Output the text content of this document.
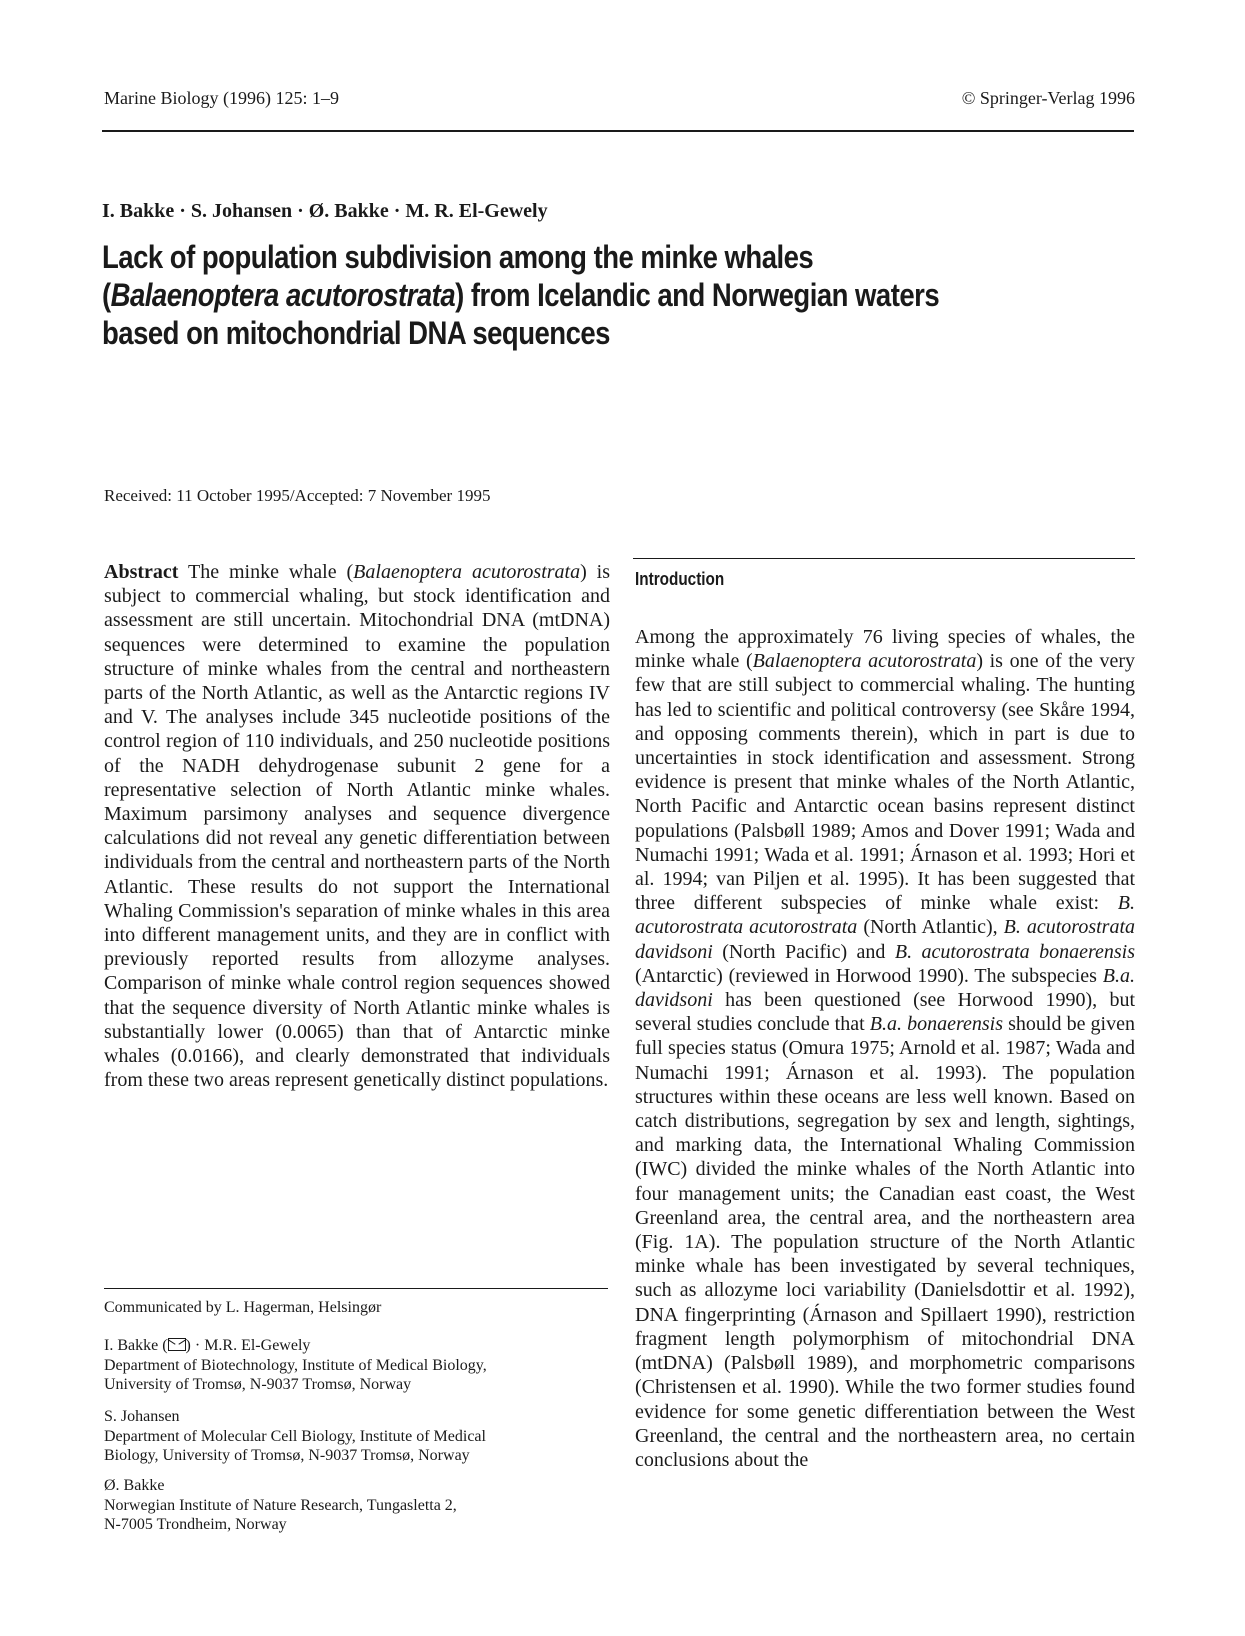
Marine Biology (1996) 125: 1–9	© Springer-Verlag 1996
I. Bakke · S. Johansen · Ø. Bakke · M. R. El-Gewely
Lack of population subdivision among the minke whales
(Balaenoptera acutorostrata) from Icelandic and Norwegian waters
based on mitochondrial DNA sequences
Received: 11 October 1995/Accepted: 7 November 1995
Abstract The minke whale (Balaenoptera acutorostrata) is subject to commercial whaling, but stock identification and assessment are still uncertain. Mitochondrial DNA (mtDNA) sequences were determined to examine the population structure of minke whales from the central and northeastern parts of the North Atlantic, as well as the Antarctic regions IV and V. The analyses include 345 nucleotide positions of the control region of 110 individuals, and 250 nucleotide positions of the NADH dehydrogenase subunit 2 gene for a representative selection of North Atlantic minke whales. Maximum parsimony analyses and sequence divergence calculations did not reveal any genetic differentiation between individuals from the central and northeastern parts of the North Atlantic. These results do not support the International Whaling Commission's separation of minke whales in this area into different management units, and they are in conflict with previously reported results from allozyme analyses. Comparison of minke whale control region sequences showed that the sequence diversity of North Atlantic minke whales is substantially lower (0.0065) than that of Antarctic minke whales (0.0166), and clearly demonstrated that individuals from these two areas represent genetically distinct populations.
Communicated by L. Hagerman, Helsingør

I. Bakke ( ) · M.R. El-Gewely

Department of Biotechnology, Institute of Medical Biology,

University of Tromsø, N-9037 Tromsø, Norway

S. Johansen

Department of Molecular Cell Biology, Institute of Medical

Biology, University of Tromsø, N-9037 Tromsø, Norway

Ø. Bakke

Norwegian Institute of Nature Research, Tungasletta 2,

N-7005 Trondheim, Norway

Introduction
Among the approximately 76 living species of whales, the minke whale (Balaenoptera acutorostrata) is one of the very few that are still subject to commercial whaling. The hunting has led to scientific and political controversy (see Skåre 1994, and opposing comments therein), which in part is due to uncertainties in stock identification and assessment. Strong evidence is present that minke whales of the North Atlantic, North Pacific and Antarctic ocean basins represent distinct populations (Palsbøll 1989; Amos and Dover 1991; Wada and Numachi 1991; Wada et al. 1991; Árnason et al. 1993; Hori et al. 1994; van Piljen et al. 1995). It has been suggested that three different subspecies of minke whale exist: B. acutorostrata acutorostrata (North Atlantic), B. acutorostrata davidsoni (North Pacific) and B. acutorostrata bonaerensis (Antarctic) (reviewed in Horwood 1990). The subspecies B.a. davidsoni has been questioned (see Horwood 1990), but several studies conclude that B.a. bonaerensis should be given full species status (Omura 1975; Arnold et al. 1987; Wada and Numachi 1991; Árnason et al. 1993). The population structures within these oceans are less well known. Based on catch distributions, segregation by sex and length, sightings, and marking data, the International Whaling Commission (IWC) divided the minke whales of the North Atlantic into four management units; the Canadian east coast, the West Greenland area, the central area, and the northeastern area (Fig. 1A). The population structure of the North Atlantic minke whale has been investigated by several techniques, such as allozyme loci variability (Danielsdottir et al. 1992), DNA fingerprinting (Árnason and Spillaert 1990), restriction fragment length polymorphism of mitochondrial DNA (mtDNA) (Palsbøll 1989), and morphometric comparisons (Christensen et al. 1990). While the two former studies found evidence for some genetic differentiation between the West Greenland, the central and the northeastern area, no certain conclusions about the
